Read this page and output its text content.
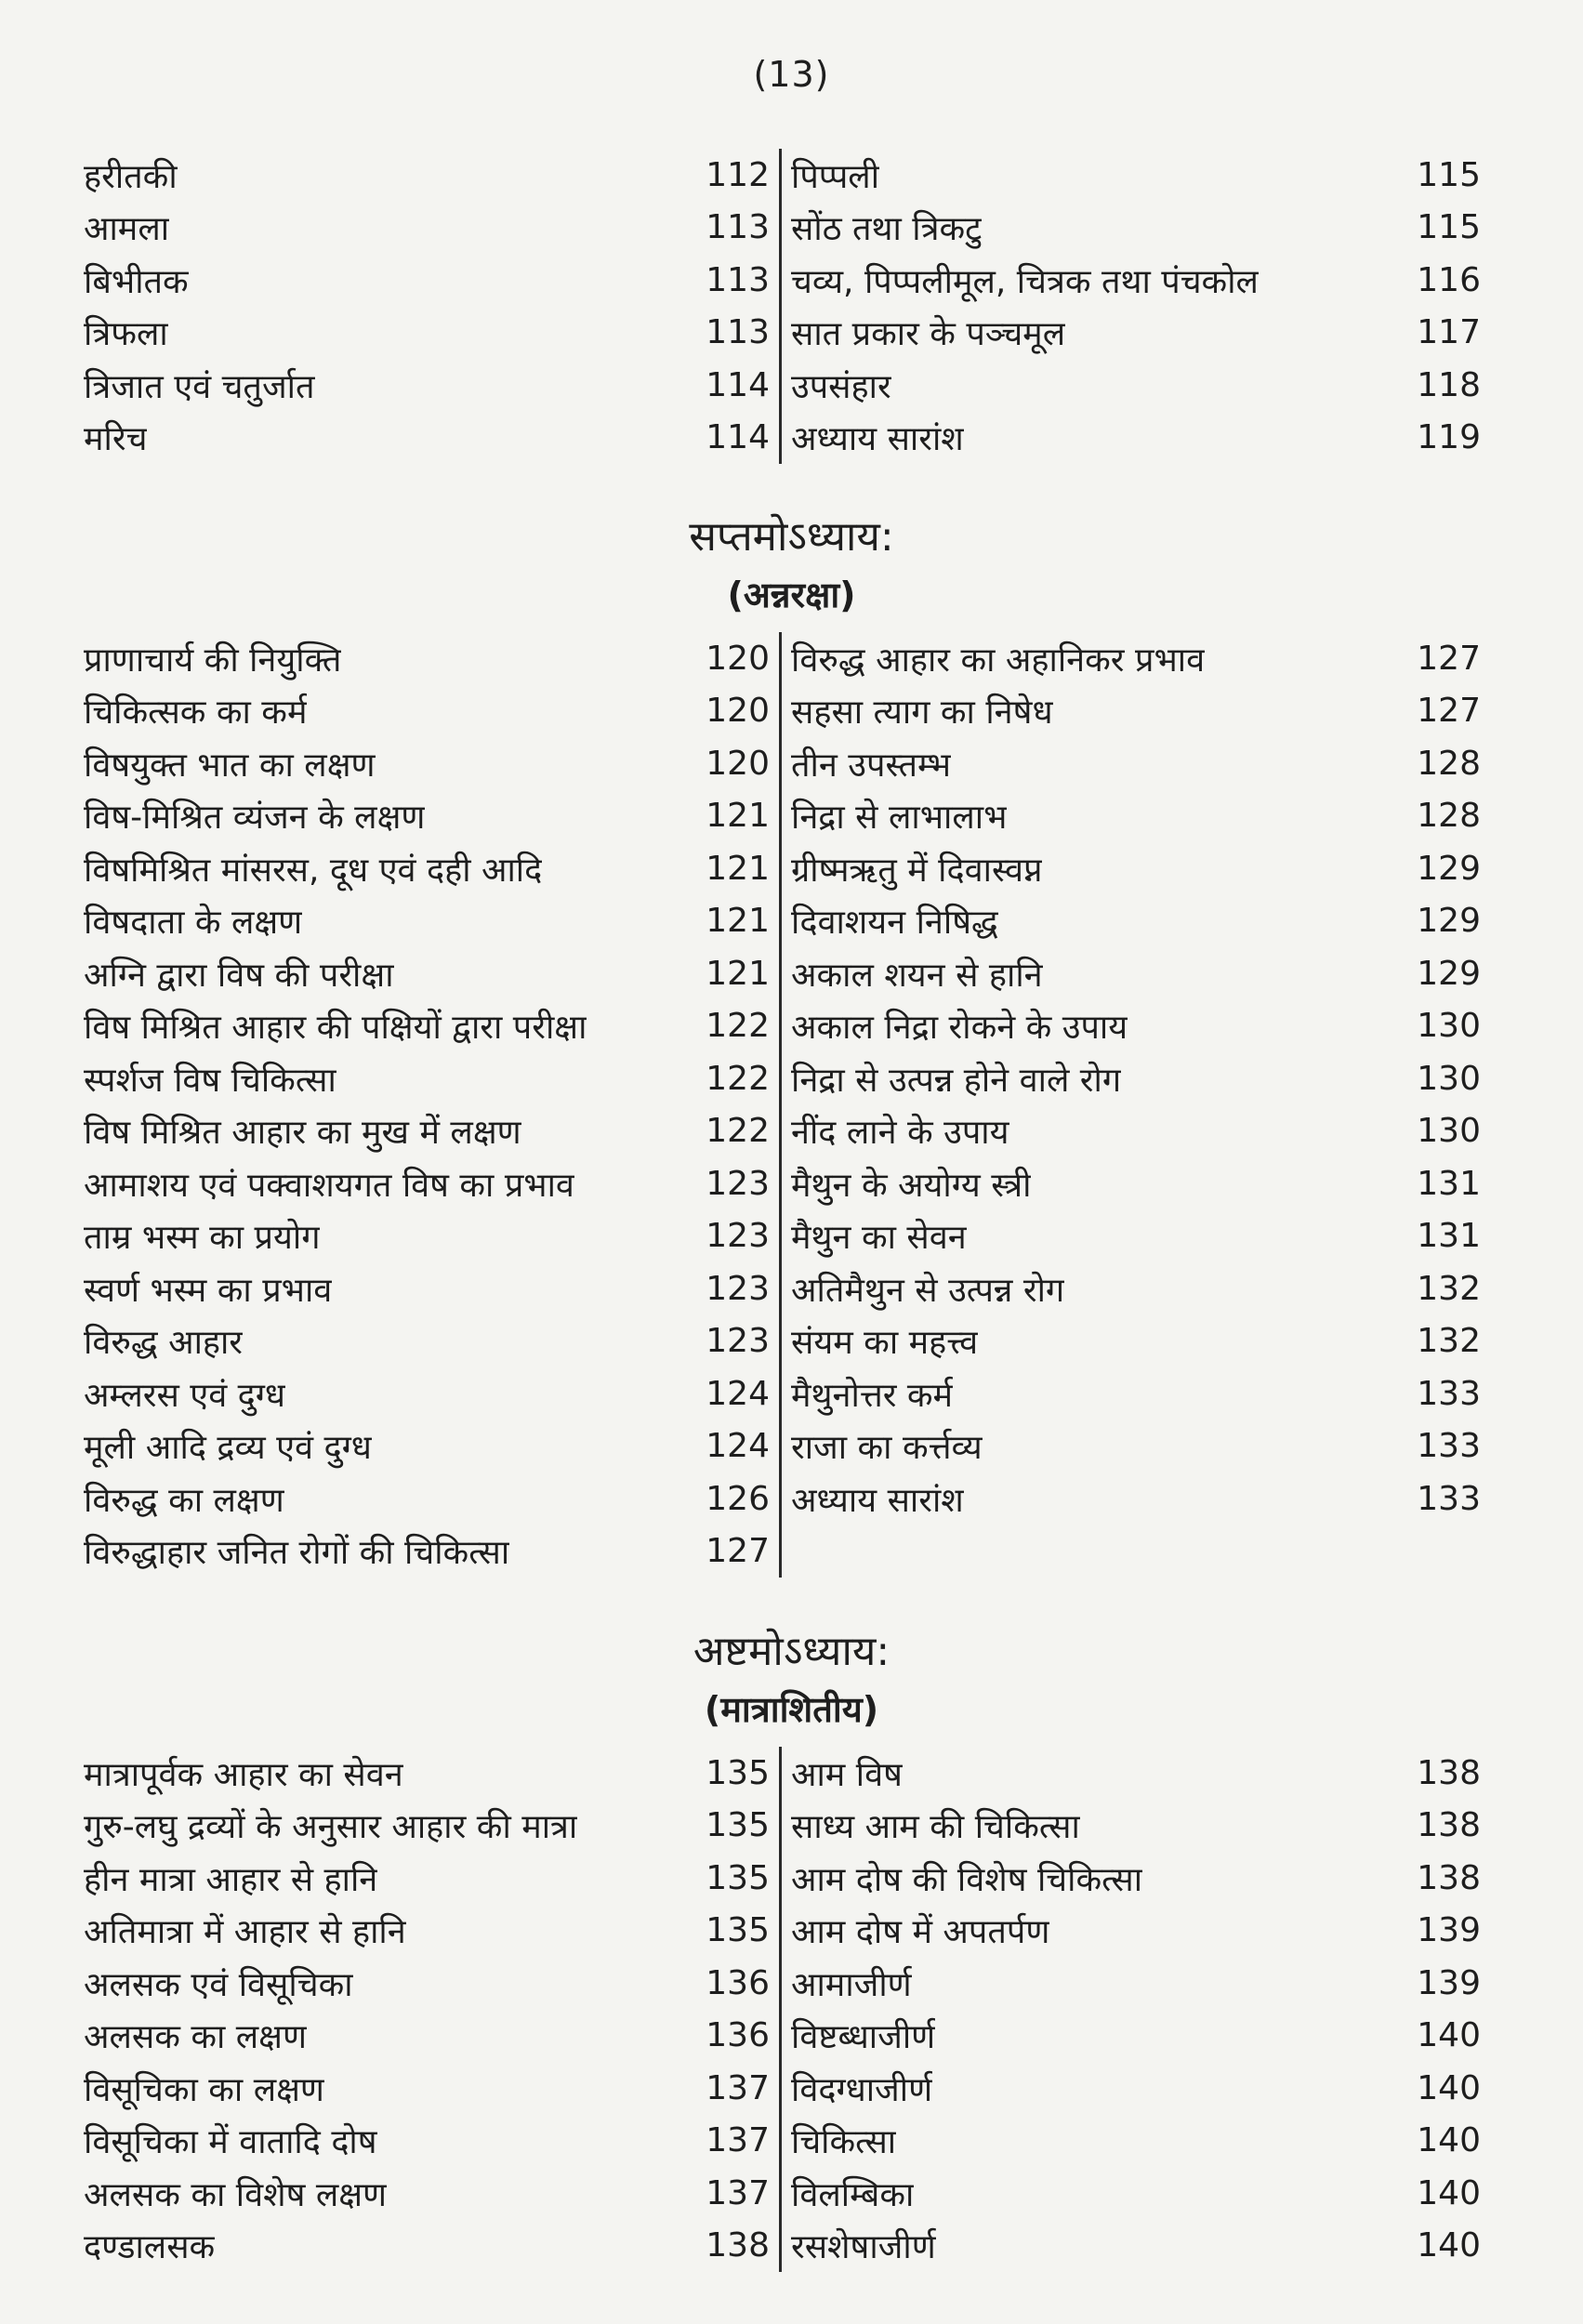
(13)
हरीतकी	112
आमला	113
बिभीतक	113
त्रिफला	113
त्रिजात एवं चतुर्जात	114
मरिच	114
पिप्पली	115
सोंठ तथा त्रिकटु	115
चव्य, पिप्पलीमूल, चित्रक तथा पंचकोल	116
सात प्रकार के पञ्चमूल	117
उपसंहार	118
अध्याय सारांश	119
सप्तमोऽध्याय:
(अन्नरक्षा)
प्राणाचार्य की नियुक्ति	120
चिकित्सक का कर्म	120
विषयुक्त भात का लक्षण	120
विष-मिश्रित व्यंजन के लक्षण	121
विषमिश्रित मांसरस, दूध एवं दही आदि	121
विषदाता के लक्षण	121
अग्नि द्वारा विष की परीक्षा	121
विष मिश्रित आहार की पक्षियों द्वारा परीक्षा	122
स्पर्शज विष चिकित्सा	122
विष मिश्रित आहार का मुख में लक्षण	122
आमाशय एवं पक्वाशयगत विष का प्रभाव	123
ताम्र भस्म का प्रयोग	123
स्वर्ण भस्म का प्रभाव	123
विरुद्ध आहार	123
अम्लरस एवं दुग्ध	124
मूली आदि द्रव्य एवं दुग्ध	124
विरुद्ध का लक्षण	126
विरुद्धाहार जनित रोगों की चिकित्सा	127
विरुद्ध आहार का अहानिकर प्रभाव	127
सहसा त्याग का निषेध	127
तीन उपस्तम्भ	128
निद्रा से लाभालाभ	128
ग्रीष्मऋतु में दिवास्वप्न	129
दिवाशयन निषिद्ध	129
अकाल शयन से हानि	129
अकाल निद्रा रोकने के उपाय	130
निद्रा से उत्पन्न होने वाले रोग	130
नींद लाने के उपाय	130
मैथुन के अयोग्य स्त्री	131
मैथुन का सेवन	131
अतिमैथुन से उत्पन्न रोग	132
संयम का महत्त्व	132
मैथुनोत्तर कर्म	133
राजा का कर्त्तव्य	133
अध्याय सारांश	133
अष्टमोऽध्याय:
(मात्राशितीय)
मात्रापूर्वक आहार का सेवन	135
गुरु-लघु द्रव्यों के अनुसार आहार की मात्रा	135
हीन मात्रा आहार से हानि	135
अतिमात्रा में आहार से हानि	135
अलसक एवं विसूचिका	136
अलसक का लक्षण	136
विसूचिका का लक्षण	137
विसूचिका में वातादि दोष	137
अलसक का विशेष लक्षण	137
दण्डालसक	138
आम विष	138
साध्य आम की चिकित्सा	138
आम दोष की विशेष चिकित्सा	138
आम दोष में अपतर्पण	139
आमाजीर्ण	139
विष्टब्धाजीर्ण	140
विदग्धाजीर्ण	140
चिकित्सा	140
विलम्बिका	140
रसशेषाजीर्ण	140
